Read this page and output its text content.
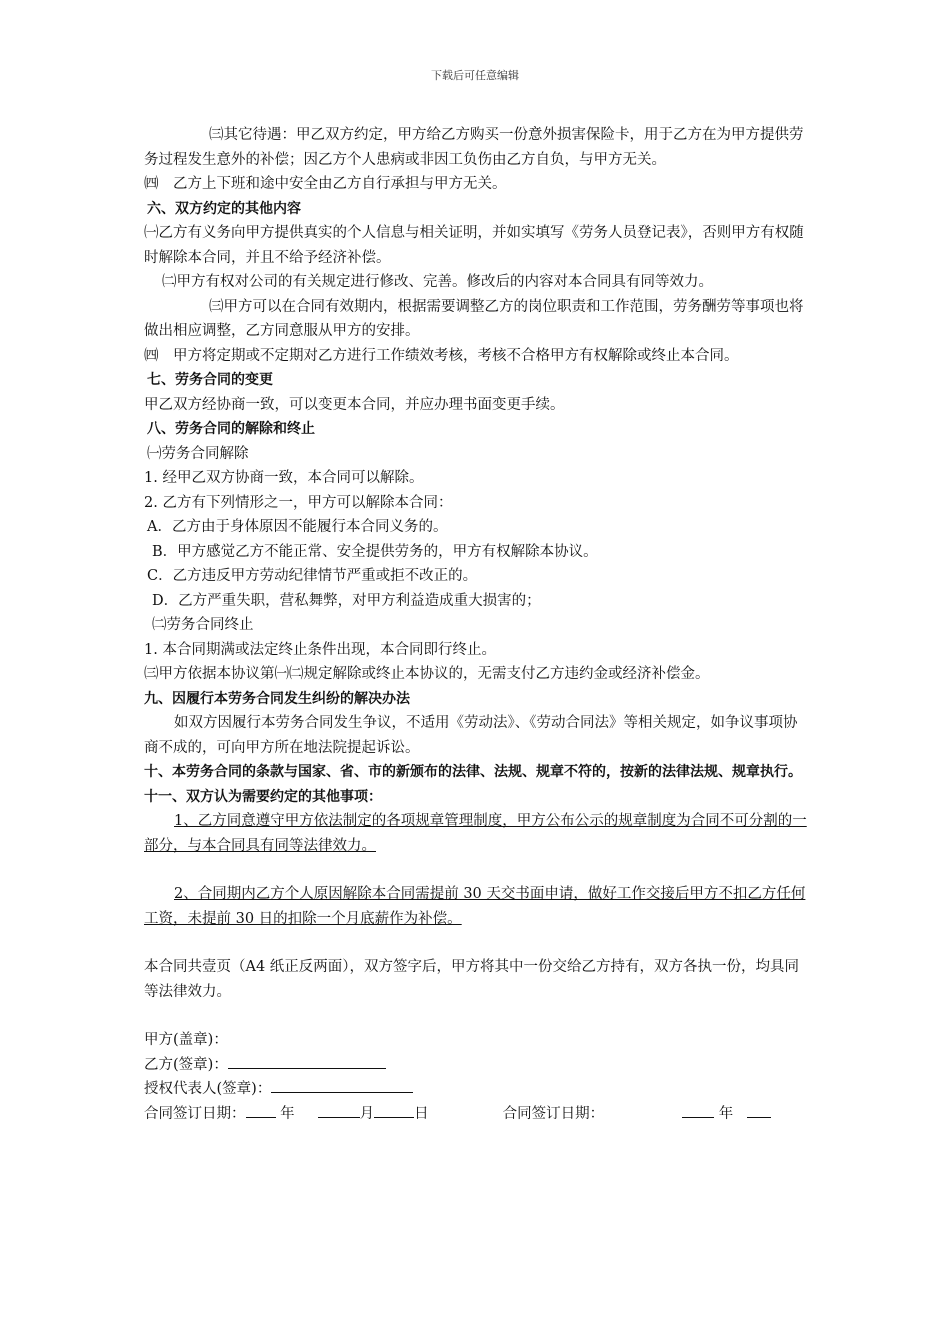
下载后可任意编辑

㈢其它待遇：甲乙双方约定，甲方给乙方购买一份意外损害保险卡，用于乙方在为甲方提供劳务过程发生意外的补偿；因乙方个人患病或非因工负伤由乙方自负，与甲方无关。

㈣　乙方上下班和途中安全由乙方自行承担与甲方无关。

六、双方约定的其他内容

㈠乙方有义务向甲方提供真实的个人信息与相关证明，并如实填写《劳务人员登记表》，否则甲方有权随时解除本合同，并且不给予经济补偿。

㈡甲方有权对公司的有关规定进行修改、完善。修改后的内容对本合同具有同等效力。

㈢甲方可以在合同有效期内，根据需要调整乙方的岗位职责和工作范围，劳务酬劳等事项也将做出相应调整，乙方同意服从甲方的安排。

㈣　甲方将定期或不定期对乙方进行工作绩效考核，考核不合格甲方有权解除或终止本合同。

七、劳务合同的变更

甲乙双方经协商一致，可以变更本合同，并应办理书面变更手续。

八、劳务合同的解除和终止

㈠劳务合同解除

1. 经甲乙双方协商一致，本合同可以解除。

2. 乙方有下列情形之一，甲方可以解除本合同：

A．乙方由于身体原因不能履行本合同义务的。

B．甲方感觉乙方不能正常、安全提供劳务的，甲方有权解除本协议。

C．乙方违反甲方劳动纪律情节严重或拒不改正的。

D．乙方严重失职，营私舞弊，对甲方利益造成重大损害的；

㈡劳务合同终止

1. 本合同期满或法定终止条件出现，本合同即行终止。

㈢甲方依据本协议第㈠㈡规定解除或终止本协议的，无需支付乙方违约金或经济补偿金。

九、因履行本劳务合同发生纠纷的解决办法

如双方因履行本劳务合同发生争议，不适用《劳动法》、《劳动合同法》等相关规定，如争议事项协商不成的，可向甲方所在地法院提起诉讼。

十、本劳务合同的条款与国家、省、市的新颁布的法律、法规、规章不符的，按新的法律法规、规章执行。

十一、双方认为需要约定的其他事项：

1、乙方同意遵守甲方依法制定的各项规章管理制度，甲方公布公示的规章制度为合同不可分割的一部分，与本合同具有同等法律效力。

2、合同期内乙方个人原因解除本合同需提前 30 天交书面申请，做好工作交接后甲方不扣乙方任何工资，未提前 30 日的扣除一个月底薪作为补偿。

本合同共壹页（A4 纸正反两面），双方签字后，甲方将其中一份交给乙方持有，双方各执一份，均具同等法律效力。

甲方(盖章)：

乙方(签章)：

授权代表人(签章)：

合同签订日期： 年	月	日	合同签订日期：	年
